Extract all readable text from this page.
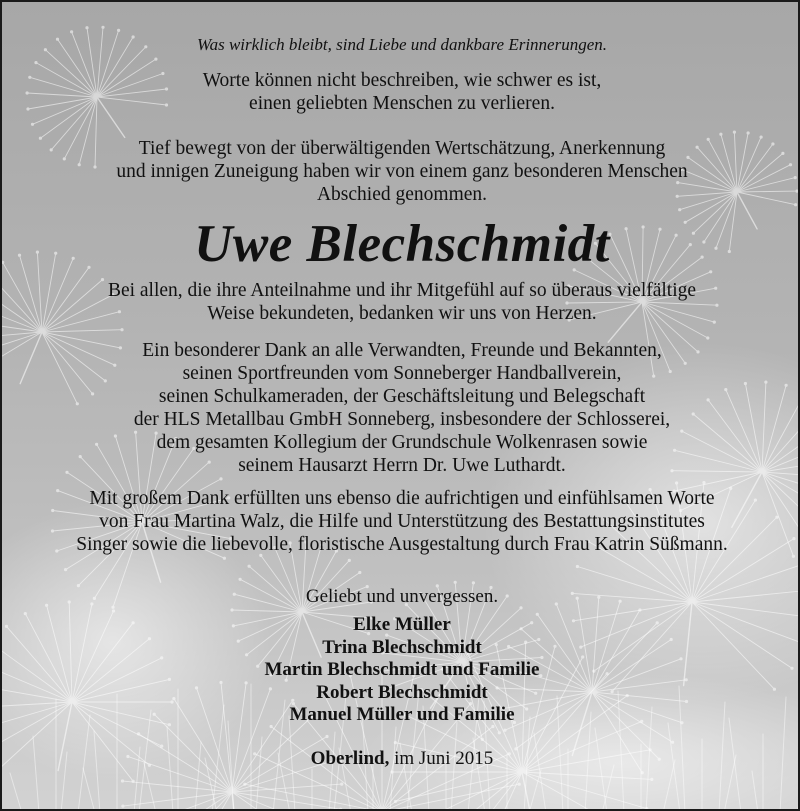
Was wirklich bleibt, sind Liebe und dankbare Erinnerungen.

Worte können nicht beschreiben, wie schwer es ist,

einen geliebten Menschen zu verlieren.

Tief bewegt von der überwältigenden Wertschätzung, Anerkennung

und innigen Zuneigung haben wir von einem ganz besonderen Menschen

Abschied genommen.

Uwe Blechschmidt

Bei allen, die ihre Anteilnahme und ihr Mitgefühl auf so überaus vielfältige

Weise bekundeten, bedanken wir uns von Herzen.

Ein besonderer Dank an alle Verwandten, Freunde und Bekannten,

seinen Sportfreunden vom Sonneberger Handballverein,

seinen Schulkameraden, der Geschäftsleitung und Belegschaft

der HLS Metallbau GmbH Sonneberg, insbesondere der Schlosserei,

dem gesamten Kollegium der Grundschule Wolkenrasen sowie

seinem Hausarzt Herrn Dr. Uwe Luthardt.

Mit großem Dank erfüllten uns ebenso die aufrichtigen und einfühlsamen Worte

von Frau Martina Walz, die Hilfe und Unterstützung des Bestattungsinstitutes

Singer sowie die liebevolle, floristische Ausgestaltung durch Frau Katrin Süßmann.

Geliebt und unvergessen.

Elke Müller

Trina Blechschmidt

Martin Blechschmidt und Familie

Robert Blechschmidt

Manuel Müller und Familie

Oberlind, im Juni 2015
